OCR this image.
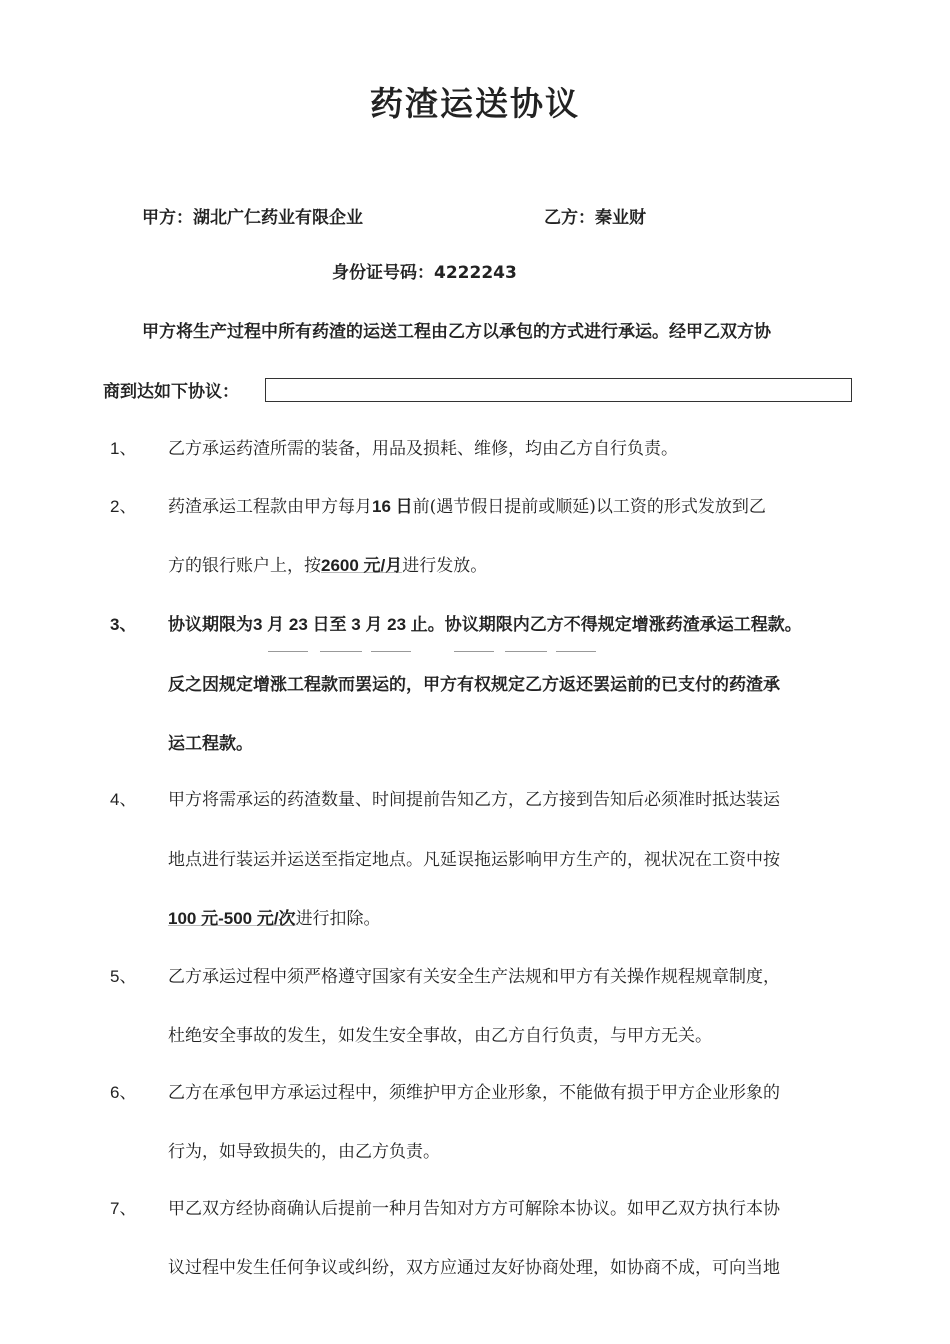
药渣运送协议
甲方：湖北广仁药业有限企业	乙方：秦业财
身份证号码：4222243
甲方将生产过程中所有药渣的运送工程由乙方以承包的方式进行承运。经甲乙双方协
商到达如下协议：
1、 乙方承运药渣所需的装备，用品及损耗、维修，均由乙方自行负责。
2、 药渣承运工程款由甲方每月16 日前(遇节假日提前或顺延)以工资的形式发放到乙
方的银行账户上，按2600 元/月进行发放。
3、 协议期限为3 月 23 日至 3 月 23 止。协议期限内乙方不得规定增涨药渣承运工程款。
反之因规定增涨工程款而罢运的，甲方有权规定乙方返还罢运前的已支付的药渣承
运工程款。
4、 甲方将需承运的药渣数量、时间提前告知乙方，乙方接到告知后必须准时抵达装运
地点进行装运并运送至指定地点。凡延误拖运影响甲方生产的，视状况在工资中按
100 元-500 元/次进行扣除。
5、 乙方承运过程中须严格遵守国家有关安全生产法规和甲方有关操作规程规章制度，
杜绝安全事故的发生，如发生安全事故，由乙方自行负责，与甲方无关。
6、 乙方在承包甲方承运过程中，须维护甲方企业形象，不能做有损于甲方企业形象的
行为，如导致损失的，由乙方负责。
7、 甲乙双方经协商确认后提前一种月告知对方方可解除本协议。如甲乙双方执行本协
议过程中发生任何争议或纠纷，双方应通过友好协商处理，如协商不成，可向当地
